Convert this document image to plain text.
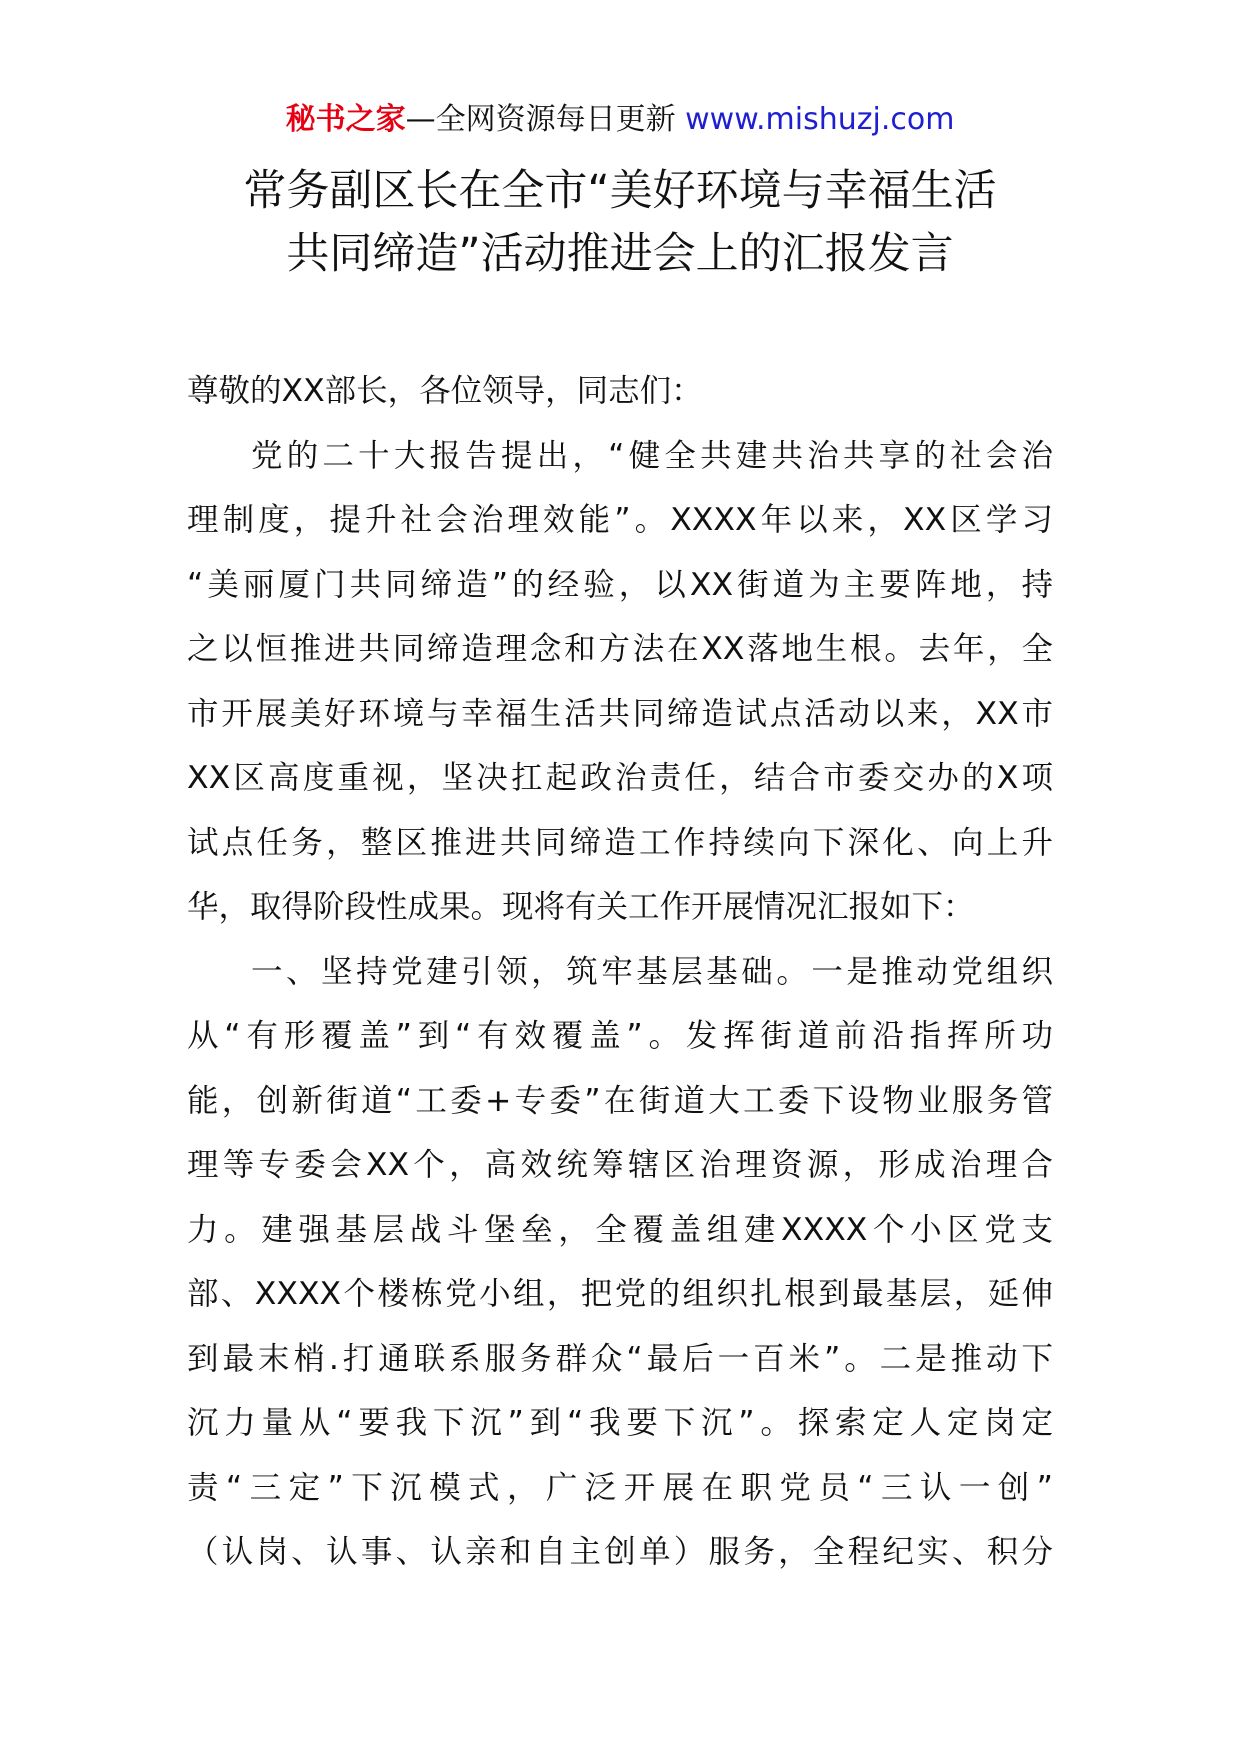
秘书之家—全网资源每日更新 www.mishuzj.com
常务副区长在全市“美好环境与幸福生活
共同缔造”活动推进会上的汇报发言
尊敬的XX部长，各位领导，同志们：
党的二十大报告提出，“健全共建共治共享的社会治
理制度，提升社会治理效能”。XXXX年以来，XX区学习
“美丽厦门共同缔造”的经验，以XX街道为主要阵地，持
之以恒推进共同缔造理念和方法在XX落地生根。去年，全
市开展美好环境与幸福生活共同缔造试点活动以来，XX市
XX区高度重视，坚决扛起政治责任，结合市委交办的X项
试点任务，整区推进共同缔造工作持续向下深化、向上升
华，取得阶段性成果。现将有关工作开展情况汇报如下：
一、坚持党建引领，筑牢基层基础。一是推动党组织
从“有形覆盖”到“有效覆盖”。发挥街道前沿指挥所功
能，创新街道“工委+专委”在街道大工委下设物业服务管
理等专委会XX个，高效统筹辖区治理资源，形成治理合
力。建强基层战斗堡垒，全覆盖组建XXXX个小区党支
部、XXXX个楼栋党小组，把党的组织扎根到最基层，延伸
到最末梢.打通联系服务群众“最后一百米”。二是推动下
沉力量从“要我下沉”到“我要下沉”。探索定人定岗定
责“三定”下沉模式，广泛开展在职党员“三认一创”
（认岗、认事、认亲和自主创单）服务，全程纪实、积分
